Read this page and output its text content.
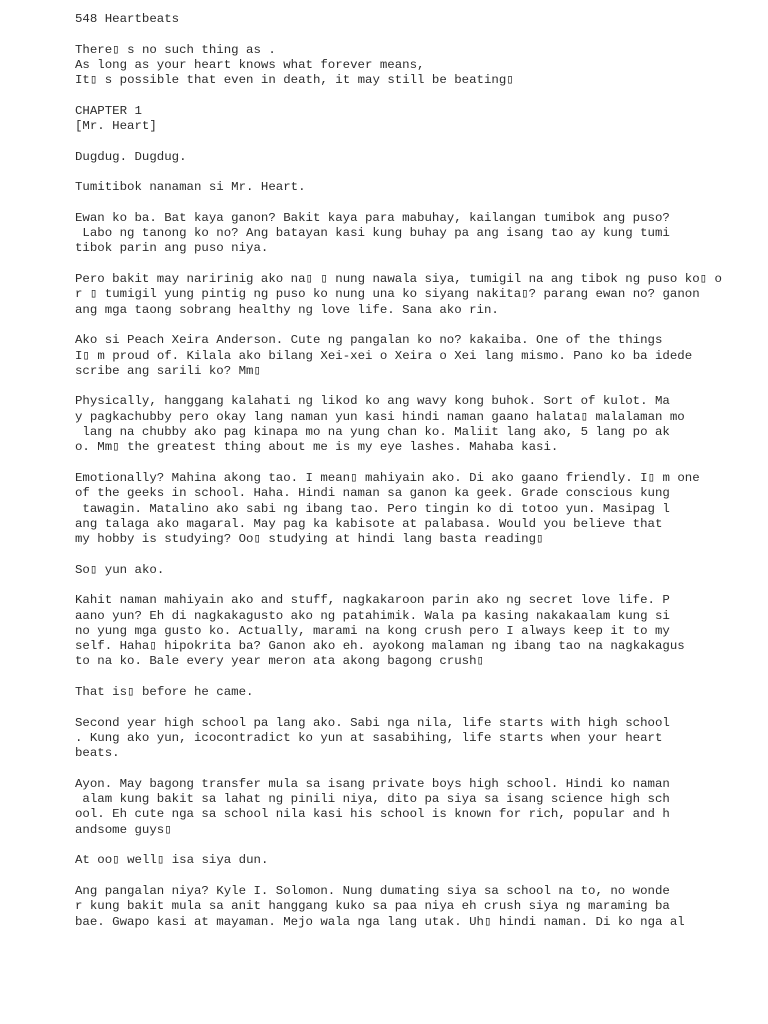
548 Heartbeats
There▯ s no such thing as .
As long as your heart knows what forever means,
It▯ s possible that even in death, it may still be beating▯
CHAPTER 1
[Mr. Heart]
Dugdug. Dugdug.
Tumitibok nanaman si Mr. Heart.
Ewan ko ba. Bat kaya ganon? Bakit kaya para mabuhay, kailangan tumibok ang puso?
Labo ng tanong ko no? Ang batayan kasi kung buhay pa ang isang tao ay kung tumi
tibok parin ang puso niya.
Pero bakit may naririnig ako na▯ ▯ nung nawala siya, tumigil na ang tibok ng puso ko▯ o
r ▯ tumigil yung pintig ng puso ko nung una ko siyang nakita▯? parang ewan no? ganon
ang mga taong sobrang healthy ng love life. Sana ako rin.
Ako si Peach Xeira Anderson. Cute ng pangalan ko no? kakaiba. One of the things
I▯ m proud of. Kilala ako bilang Xei-xei o Xeira o Xei lang mismo. Pano ko ba idede
scribe ang sarili ko? Mm▯
Physically, hanggang kalahati ng likod ko ang wavy kong buhok. Sort of kulot. Ma
y pagkachubby pero okay lang naman yun kasi hindi naman gaano halata▯ malalaman mo
lang na chubby ako pag kinapa mo na yung chan ko. Maliit lang ako, 5 lang po ak
o. Mm▯ the greatest thing about me is my eye lashes. Mahaba kasi.
Emotionally? Mahina akong tao. I mean▯ mahiyain ako. Di ako gaano friendly. I▯ m one
of the geeks in school. Haha. Hindi naman sa ganon ka geek. Grade conscious kung
tawagin. Matalino ako sabi ng ibang tao. Pero tingin ko di totoo yun. Masipag l
ang talaga ako magaral. May pag ka kabisote at palabasa. Would you believe that
my hobby is studying? Oo▯ studying at hindi lang basta reading▯
So▯ yun ako.
Kahit naman mahiyain ako and stuff, nagkakaroon parin ako ng secret love life. P
aano yun? Eh di nagkakagusto ako ng patahimik. Wala pa kasing nakakaalam kung si
no yung mga gusto ko. Actually, marami na kong crush pero I always keep it to my
self. Haha▯ hipokrita ba? Ganon ako eh. ayokong malaman ng ibang tao na nagkakagus
to na ko. Bale every year meron ata akong bagong crush▯
That is▯ before he came.
Second year high school pa lang ako. Sabi nga nila, life starts with high school
. Kung ako yun, icocontradict ko yun at sasabihing, life starts when your heart
beats.
Ayon. May bagong transfer mula sa isang private boys high school. Hindi ko naman
alam kung bakit sa lahat ng pinili niya, dito pa siya sa isang science high sch
ool. Eh cute nga sa school nila kasi his school is known for rich, popular and h
andsome guys▯
At oo▯ well▯ isa siya dun.
Ang pangalan niya? Kyle I. Solomon. Nung dumating siya sa school na to, no wonde
r kung bakit mula sa anit hanggang kuko sa paa niya eh crush siya ng maraming ba
bae. Gwapo kasi at mayaman. Mejo wala nga lang utak. Uh▯ hindi naman. Di ko nga al
